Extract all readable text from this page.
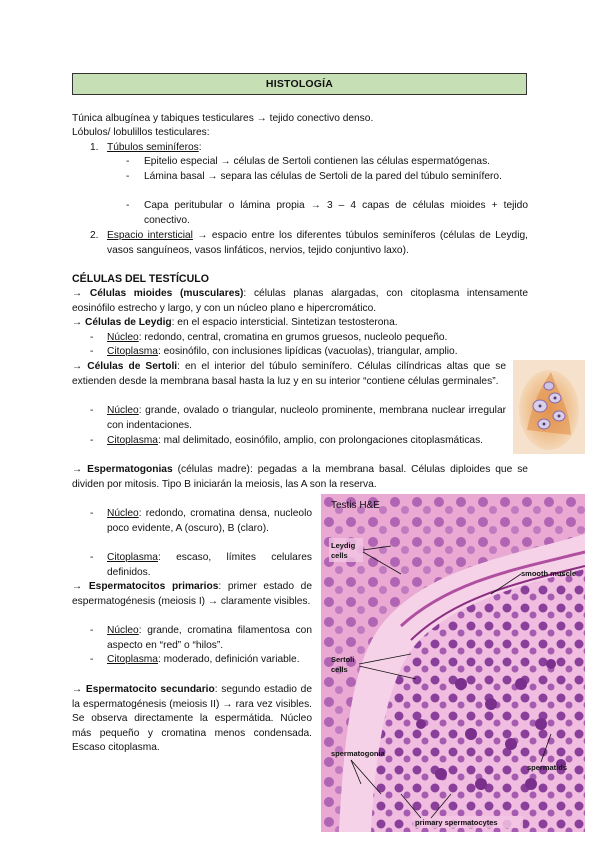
HISTOLOGÍA
Túnica albugínea y tabiques testiculares → tejido conectivo denso.
Lóbulos/ lobulillos testiculares:
1. Túbulos seminíferos:
- Epitelio especial → células de Sertoli contienen las células espermatógenas.
- Lámina basal → separa las células de Sertoli de la pared del túbulo seminífero.
- Capa peritubular o lámina propia → 3 – 4 capas de células mioides + tejido conectivo.
2. Espacio intersticial → espacio entre los diferentes túbulos seminíferos (células de Leydig, vasos sanguíneos, vasos linfáticos, nervios, tejido conjuntivo laxo).
CÉLULAS DEL TESTÍCULO
→ Células mioides (musculares): células planas alargadas, con citoplasma intensamente eosinófilo estrecho y largo, y con un núcleo plano e hipercromático.
→ Células de Leydig: en el espacio intersticial. Sintetizan testosterona.
- Núcleo: redondo, central, cromatina en grumos gruesos, nucleolo pequeño.
- Citoplasma: eosinófilo, con inclusiones lipídicas (vacuolas), triangular, amplio.
→ Células de Sertoli: en el interior del túbulo seminífero. Células cilíndricas altas que se extienden desde la membrana basal hasta la luz y en su interior “contiene células germinales”.
- Núcleo: grande, ovalado o triangular, nucleolo prominente, membrana nuclear irregular con indentaciones.
- Citoplasma: mal delimitado, eosinófilo, amplio, con prolongaciones citoplasmáticas.
→ Espermatogonias (células madre): pegadas a la membrana basal. Células diploides que se dividen por mitosis. Tipo B iniciarán la meiosis, las A son la reserva.
- Núcleo: redondo, cromatina densa, nucleolo poco evidente, A (oscuro), B (claro).
- Citoplasma: escaso, límites celulares definidos.
→ Espermatocitos primarios: primer estado de espermatogénesis (meiosis I) → claramente visibles.
- Núcleo: grande, cromatina filamentosa con aspecto en “red” o “hilos”.
- Citoplasma: moderado, definición variable.
→ Espermatocito secundario: segundo estadio de la espermatogénesis (meiosis II) → rara vez visibles. Se observa directamente la espermátida. Núcleo más pequeño y cromatina menos condensada. Escaso citoplasma.
Testis H&E
Leydig
cells
smooth muscle
Sertoli
cells
spermatogonia
spermatids
primary spermatocytes
